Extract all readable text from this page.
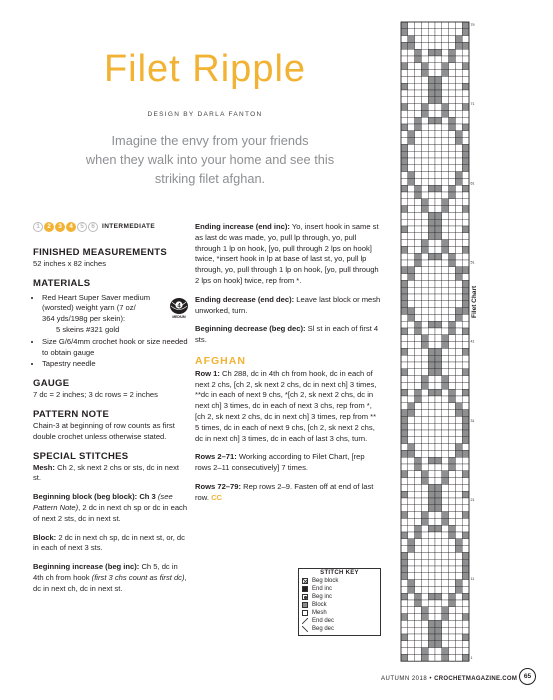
Filet Ripple
DESIGN BY DARLA FANTON
Imagine the envy from your friends
when they walk into your home and see this
striking filet afghan.
1	2	3	4	5	6	INTERMEDIATE
FINISHED MEASUREMENTS

52 inches x 82 inches

MATERIALS
• Red Heart Super Saver medium
(worsted) weight yarn (7 oz/
364 yds/198g per skein):
5 skeins #321 gold
4
MEDIUM
• Size G/6/4mm crochet hook or size needed to obtain gauge
• Tapestry needle
GAUGE

7 dc = 2 inches; 3 dc rows = 2 inches

PATTERN NOTE

Chain-3 at beginning of row counts as first double crochet unless otherwise stated.

SPECIAL STITCHES

Mesh: Ch 2, sk next 2 chs or sts, dc in next st.

Beginning block (beg block): Ch 3 (see Pattern Note), 2 dc in next ch sp or dc in each of next 2 sts, dc in next st.

Block: 2 dc in next ch sp, dc in next st, or, dc in each of next 3 sts.

Beginning increase (beg inc): Ch 5, dc in 4th ch from hook (first 3 chs count as first dc), dc in next ch, dc in next st.

Ending increase (end inc): Yo, insert hook in same st as last dc was made, yo, pull lp through, yo, pull through 1 lp on hook, [yo, pull through 2 lps on hook] twice, *insert hook in lp at base of last st, yo, pull lp through, yo, pull through 1 lp on hook, [yo, pull through 2 lps on hook] twice, rep from *.

Ending decrease (end dec): Leave last block or mesh unworked, turn.

Beginning decrease (beg dec): Sl st in each of first 4 sts.

AFGHAN

Row 1: Ch 288, dc in 4th ch from hook, dc in each of next 2 chs, [ch 2, sk next 2 chs, dc in next ch] 3 times, **dc in each of next 9 chs, *[ch 2, sk next 2 chs, dc in next ch] 3 times, dc in each of next 3 chs, rep from *, [ch 2, sk next 2 chs, dc in next ch] 3 times, rep from ** 5 times, dc in each of next 9 chs, [ch 2, sk next 2 chs, dc in next ch] 3 times, dc in each of last 3 chs, turn.

Rows 2–71: Working according to Filet Chart, [rep rows 2–11 consecutively] 7 times.

Rows 72–79: Rep rows 2–9. Fasten off at end of last row. CC

79
71
61
51
41
31
21
11
1
Filet Chart
STITCH KEY
Beg block
End inc
Beg inc
Block
Mesh
End dec
Beg dec
AUTUMN 2018 • CROCHETMAGAZINE.COM	65
